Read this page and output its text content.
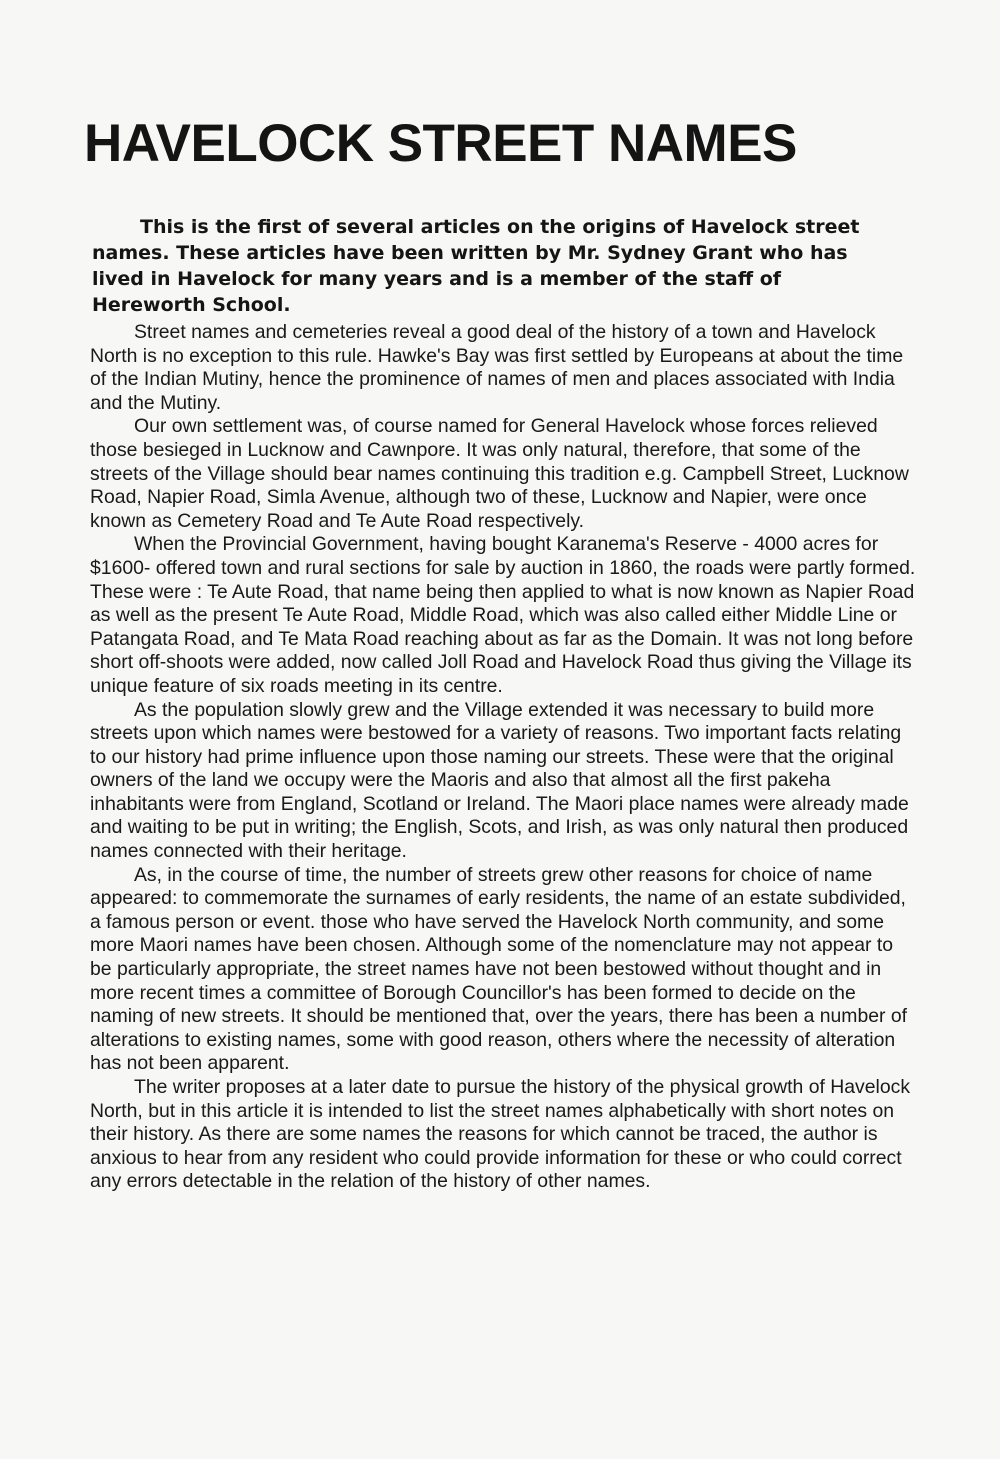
HAVELOCK STREET NAMES

This is the first of several articles on the origins of Havelock street names. These articles have been written by Mr. Sydney Grant who has lived in Havelock for many years and is a member of the staff of Hereworth School.

Street names and cemeteries reveal a good deal of the history of a town and Havelock North is no exception to this rule. Hawke's Bay was first settled by Europeans at about the time of the Indian Mutiny, hence the prominence of names of men and places associated with India and the Mutiny.

Our own settlement was, of course named for General Havelock whose forces relieved those besieged in Lucknow and Cawnpore. It was only natural, therefore, that some of the streets of the Village should bear names continuing this tradition e.g. Campbell Street, Lucknow Road, Napier Road, Simla Avenue, although two of these, Lucknow and Napier, were once known as Cemetery Road and Te Aute Road respectively.

When the Provincial Government, having bought Karanema's Reserve - 4000 acres for $1600- offered town and rural sections for sale by auction in 1860, the roads were partly formed. These were : Te Aute Road, that name being then applied to what is now known as Napier Road as well as the present Te Aute Road, Middle Road, which was also called either Middle Line or Patangata Road, and Te Mata Road reaching about as far as the Domain. It was not long before short off-shoots were added, now called Joll Road and Havelock Road thus giving the Village its unique feature of six roads meeting in its centre.

As the population slowly grew and the Village extended it was necessary to build more streets upon which names were bestowed for a variety of reasons. Two important facts relating to our history had prime influence upon those naming our streets. These were that the original owners of the land we occupy were the Maoris and also that almost all the first pakeha inhabitants were from England, Scotland or Ireland. The Maori place names were already made and waiting to be put in writing; the English, Scots, and Irish, as was only natural then produced names connected with their heritage.

As, in the course of time, the number of streets grew other reasons for choice of name appeared: to commemorate the surnames of early residents, the name of an estate subdivided, a famous person or event. those who have served the Havelock North community, and some more Maori names have been chosen. Although some of the nomenclature may not appear to be particularly appropriate, the street names have not been bestowed without thought and in more recent times a committee of Borough Councillor's has been formed to decide on the naming of new streets. It should be mentioned that, over the years, there has been a number of alterations to existing names, some with good reason, others where the necessity of alteration has not been apparent.

The writer proposes at a later date to pursue the history of the physical growth of Havelock North, but in this article it is intended to list the street names alphabetically with short notes on their history. As there are some names the reasons for which cannot be traced, the author is anxious to hear from any resident who could provide information for these or who could correct any errors detectable in the relation of the history of other names.
